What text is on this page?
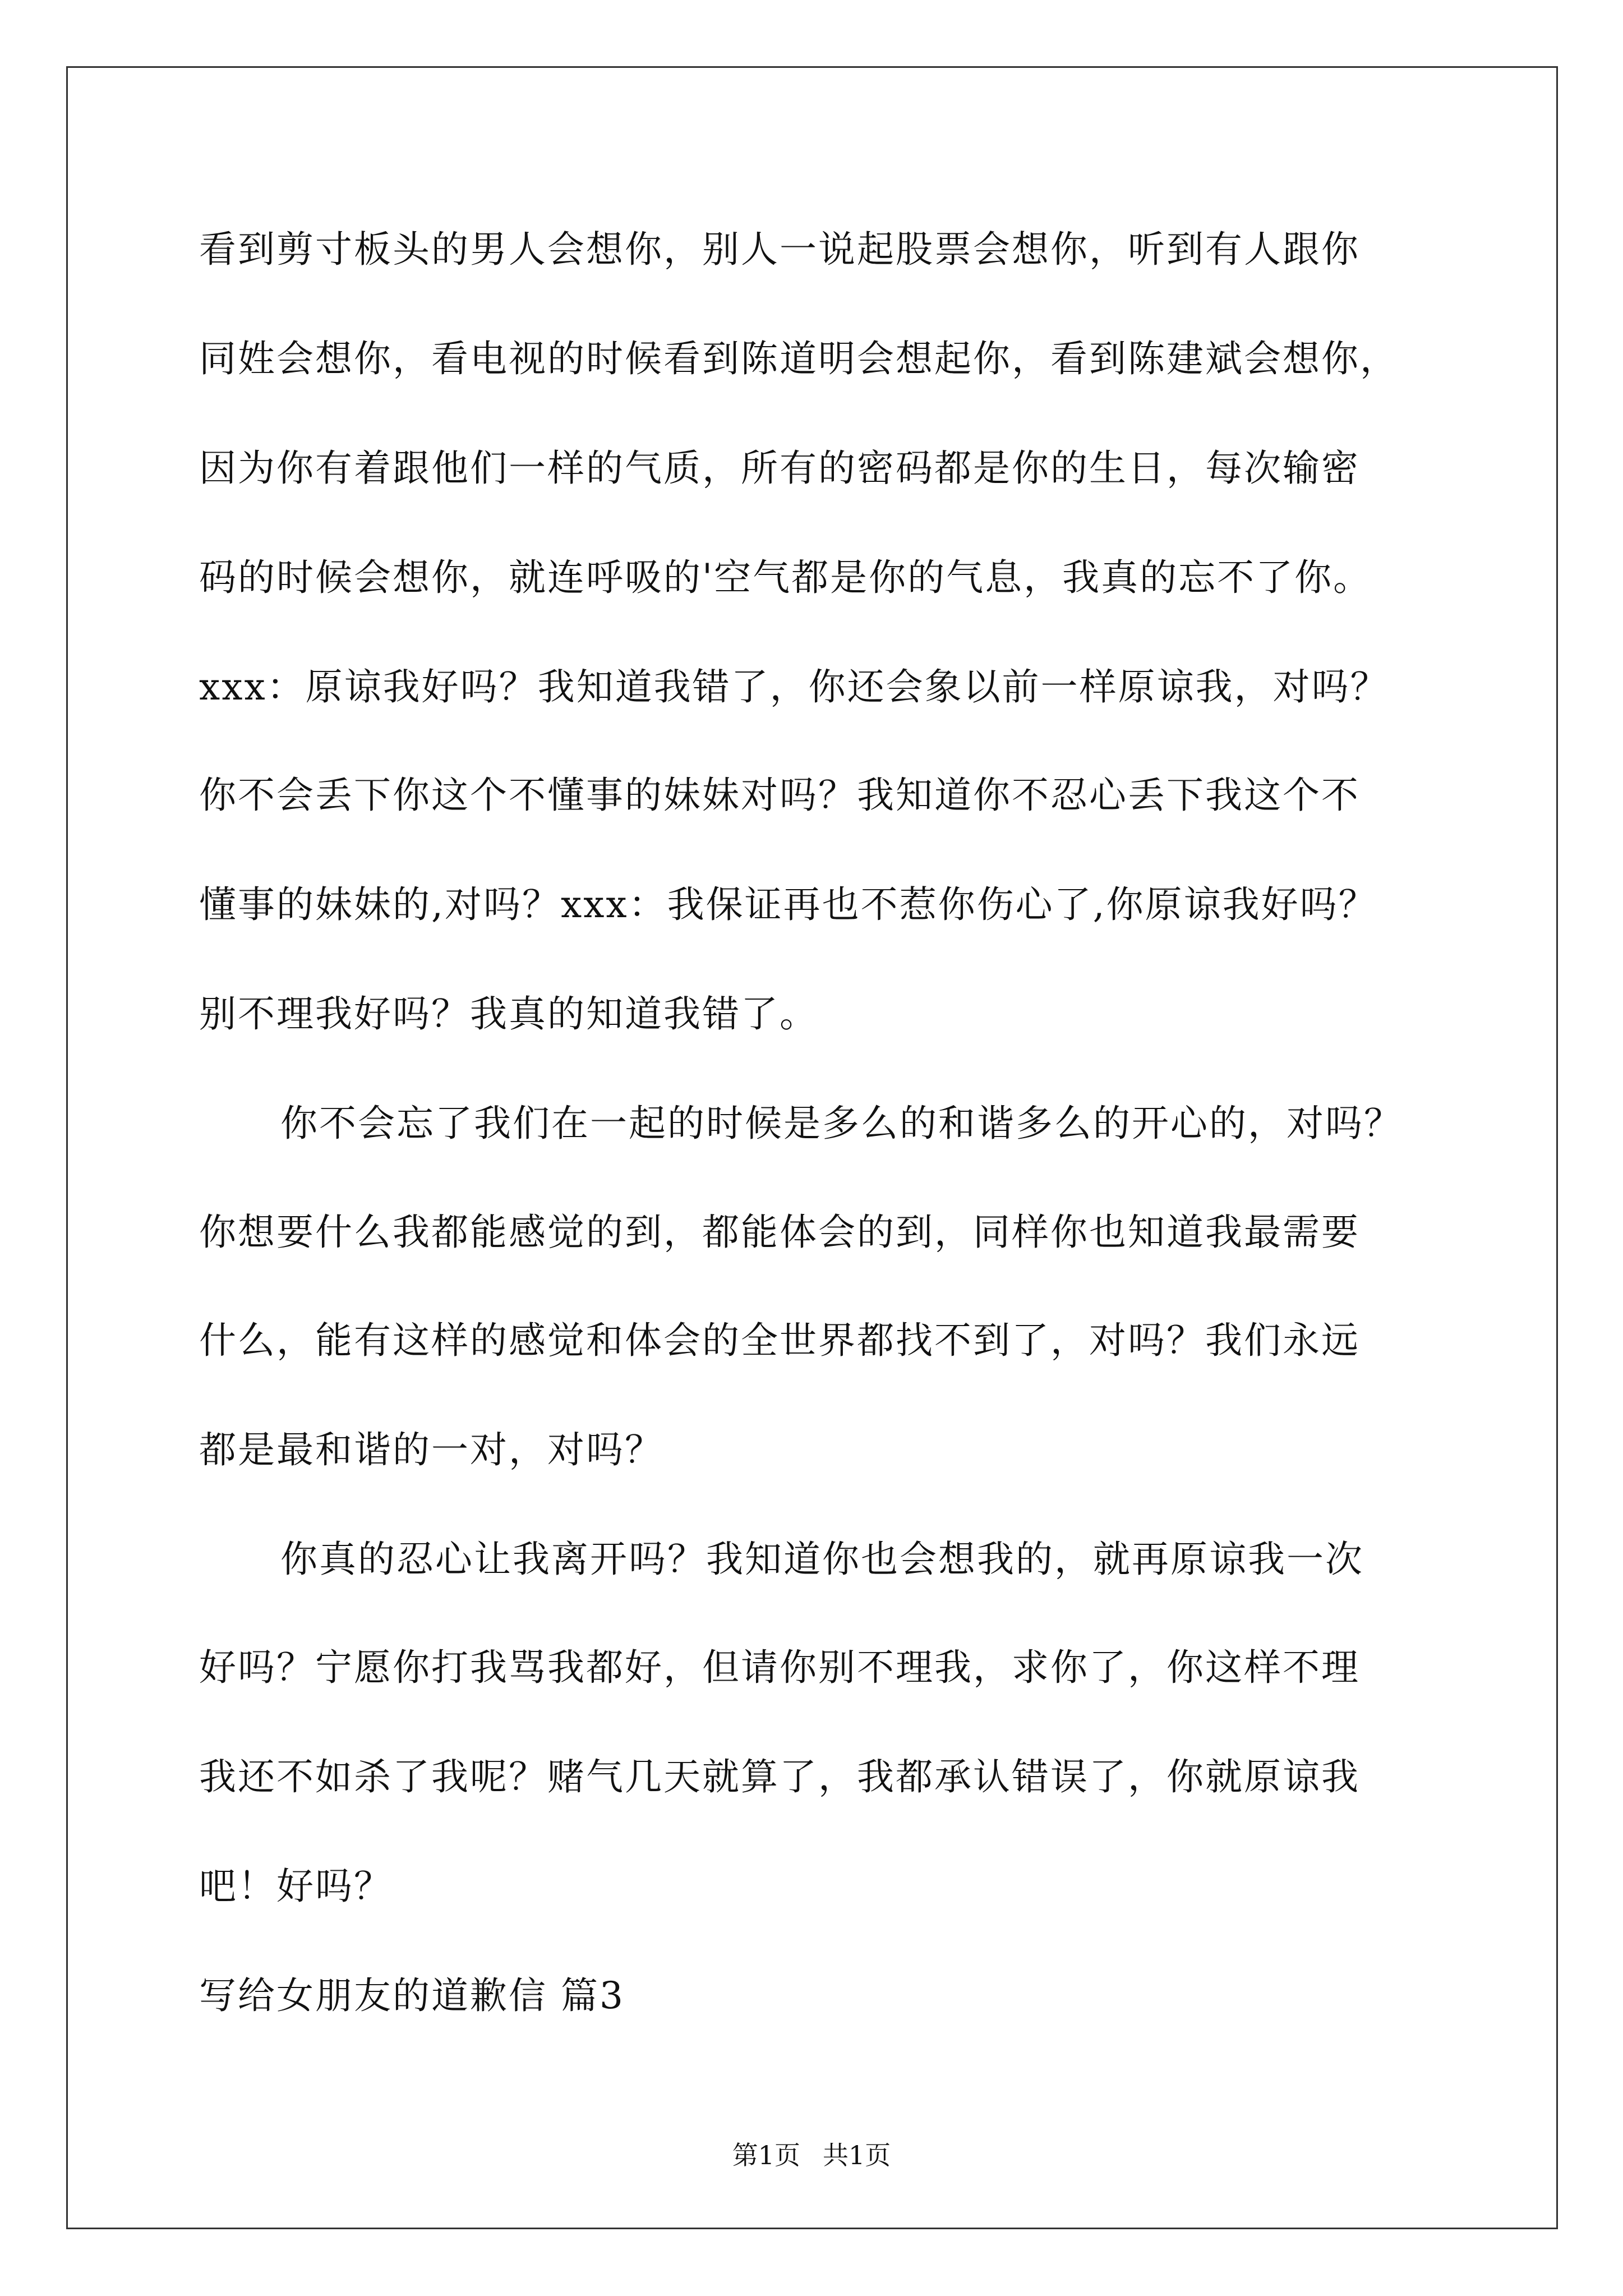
看到剪寸板头的男人会想你，别人一说起股票会想你，听到有人跟你
同姓会想你，看电视的时候看到陈道明会想起你，看到陈建斌会想你，
因为你有着跟他们一样的气质，所有的密码都是你的生日，每次输密
码的时候会想你，就连呼吸的'空气都是你的气息，我真的忘不了你。
xxx：原谅我好吗？我知道我错了，你还会象以前一样原谅我，对吗？
你不会丢下你这个不懂事的妹妹对吗？我知道你不忍心丢下我这个不
懂事的妹妹的,对吗？xxx：我保证再也不惹你伤心了,你原谅我好吗？
别不理我好吗？我真的知道我错了。
你不会忘了我们在一起的时候是多么的和谐多么的开心的，对吗？
你想要什么我都能感觉的到，都能体会的到，同样你也知道我最需要
什么，能有这样的感觉和体会的全世界都找不到了，对吗？我们永远
都是最和谐的一对，对吗？
你真的忍心让我离开吗？我知道你也会想我的，就再原谅我一次
好吗？宁愿你打我骂我都好，但请你别不理我，求你了，你这样不理
我还不如杀了我呢？赌气几天就算了，我都承认错误了，你就原谅我
吧！好吗？
写给女朋友的道歉信 篇3
第1页 共1页
